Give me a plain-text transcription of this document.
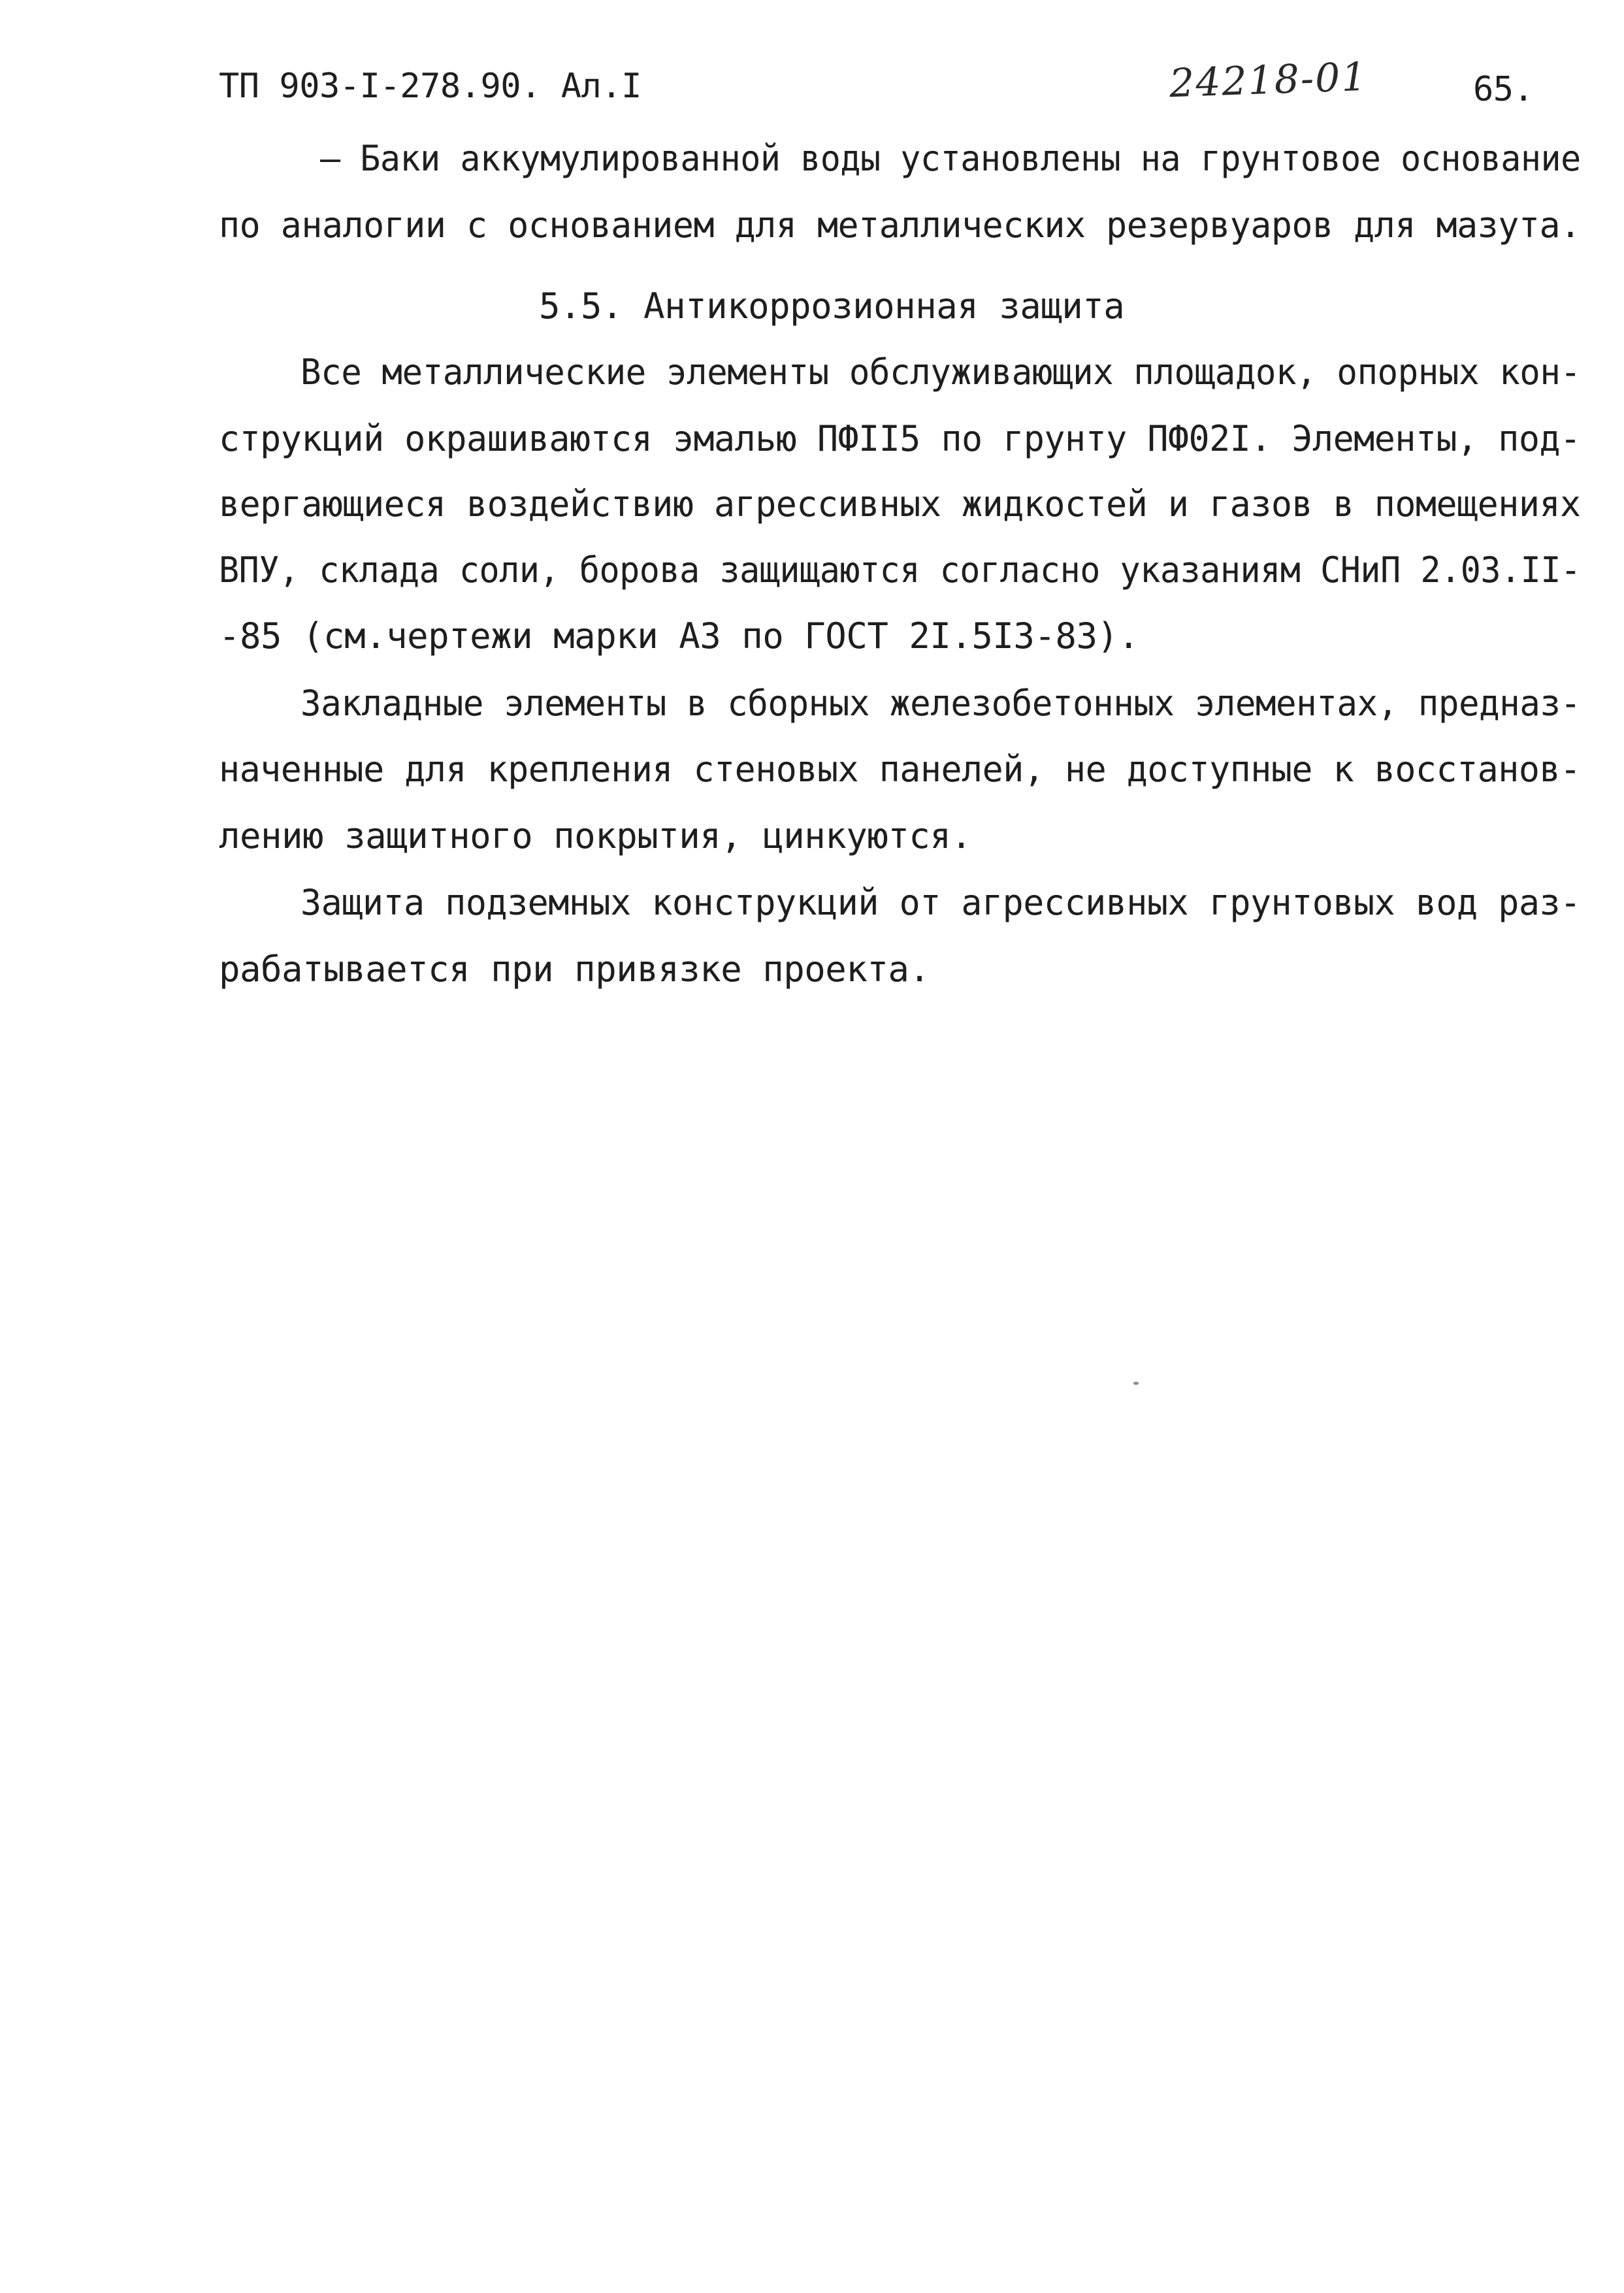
ТП 903-I-278.90. Ал.I	24218-01	65.
– Баки аккумулированной воды установлены на грунтовое основание
по аналогии с основанием для металлических резервуаров для мазута.
5.5. Антикоррозионная защита
Все металлические элементы обслуживающих площадок, опорных кон-
струкций окрашиваются эмалью ПФII5 по грунту ПФ02I. Элементы, под-
вергающиеся воздействию агрессивных жидкостей и газов в помещениях
ВПУ, склада соли, борова защищаются согласно указаниям СНиП 2.03.II-
-85 (см.чертежи марки АЗ по ГОСТ 2I.5I3-83).
Закладные элементы в сборных железобетонных элементах, предназ-
наченные для крепления стеновых панелей, не доступные к восстанов-
лению защитного покрытия, цинкуются.
Защита подземных конструкций от агрессивных грунтовых вод раз-
рабатывается при привязке проекта.
